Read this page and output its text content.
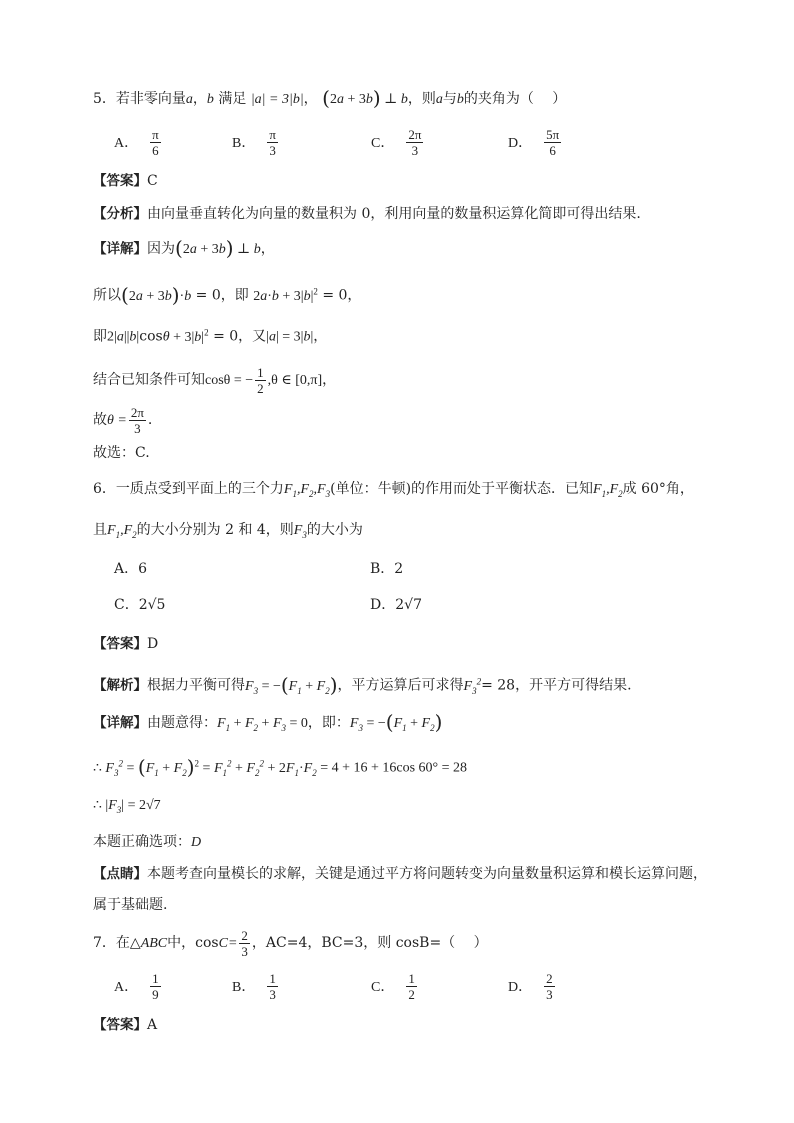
5．若非零向量a，b 满足 |a| = 3|b|， (2a + 3b) ⊥ b，则a与b的夹角为（　 ）
A． $\frac{\pi}{6}$	B． $\frac{\pi}{3}$	C． $\frac{2\pi}{3}$	D． $\frac{5\pi}{6}$
【答案】C
【分析】由向量垂直转化为向量的数量积为 0，利用向量的数量积运算化简即可得出结果.
【详解】因为(2a + 3b) ⊥ b，
所以(2a + 3b)·b = 0，即 $2a\cdot b + 3|b|^2 = 0$，
即$2|a||b|\cos\theta + 3|b|^2 = 0$，又|a| = 3|b|，
结合已知条件可知cosθ = − $\frac{1}{2} ,\theta$ ∈ [0,π]，
故$\theta = \frac{2\pi}{3}$ .
故选：C.
6．一质点受到平面上的三个力$F_1,F_2,F_3$(单位：牛顿)的作用而处于平衡状态．已知$F_1,F_2$成 60°角，
且$F_1,F_2$的大小分别为 2 和 4，则$F_3$的大小为
A．6	B．2
C．2√5	D．2√7
【答案】D
【解析】根据力平衡可得$F_3 = -(F_1 + F_2)$，平方运算后可求得$F_3^2= 28$，开平方可得结果.
【详解】由题意得：$F_1 + F_2 + F_3 = 0$，即：$F_3 = -(F_1 + F_2)$
∴ $F_3^2 = (F_1 + F_2)^2 = F_1^2 + F_2^2 + 2F_1\cdot F_2 = 4 + 16 + 16\cos$ 60° = 28
∴ $|F_3| = 2√7$
本题正确选项：D
【点睛】本题考查向量模长的求解，关键是通过平方将问题转变为向量数量积运算和模长运算问题，
属于基础题.
7．在△ABC中，$\cos C= \frac{2}{3}$ ，AC=4，BC=3，则 cosB=（　 ）
A． $\frac{1}{9}$	B． $\frac{1}{3}$	C． $\frac{1}{2}$	D． $\frac{2}{3}$
【答案】A
